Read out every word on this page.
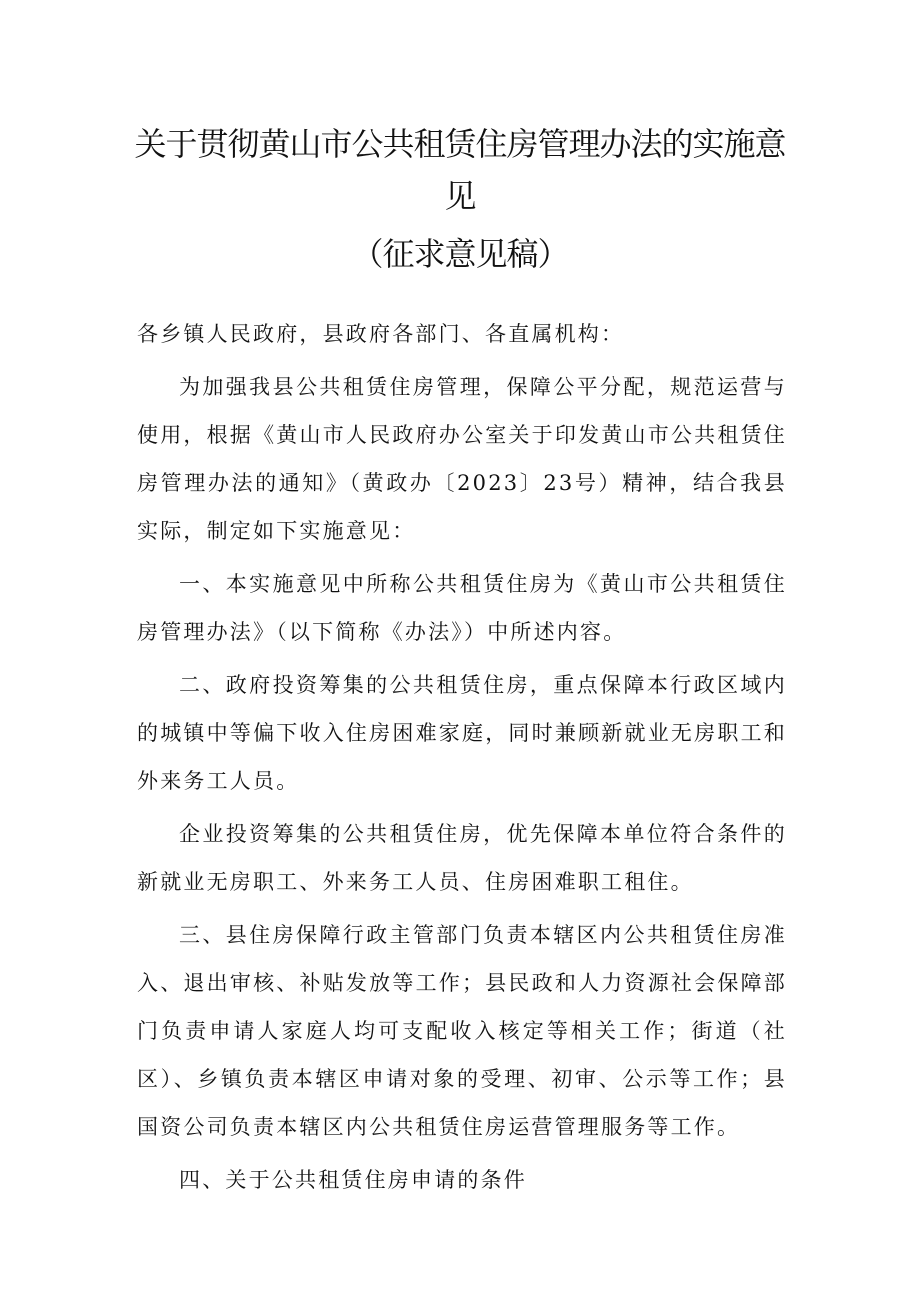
关于贯彻黄山市公共租赁住房管理办法的实施意
见
（征求意见稿）

各乡镇人民政府，县政府各部门、各直属机构：

为加强我县公共租赁住房管理，保障公平分配，规范运营与使用，根据《黄山市人民政府办公室关于印发黄山市公共租赁住房管理办法的通知》（黄政办〔2023〕23号）精神，结合我县实际，制定如下实施意见：

一、本实施意见中所称公共租赁住房为《黄山市公共租赁住房管理办法》（以下简称《办法》）中所述内容。

二、政府投资筹集的公共租赁住房，重点保障本行政区域内的城镇中等偏下收入住房困难家庭，同时兼顾新就业无房职工和外来务工人员。

企业投资筹集的公共租赁住房，优先保障本单位符合条件的新就业无房职工、外来务工人员、住房困难职工租住。

三、县住房保障行政主管部门负责本辖区内公共租赁住房准入、退出审核、补贴发放等工作；县民政和人力资源社会保障部门负责申请人家庭人均可支配收入核定等相关工作；街道（社区）、乡镇负责本辖区申请对象的受理、初审、公示等工作；县国资公司负责本辖区内公共租赁住房运营管理服务等工作。

四、关于公共租赁住房申请的条件
